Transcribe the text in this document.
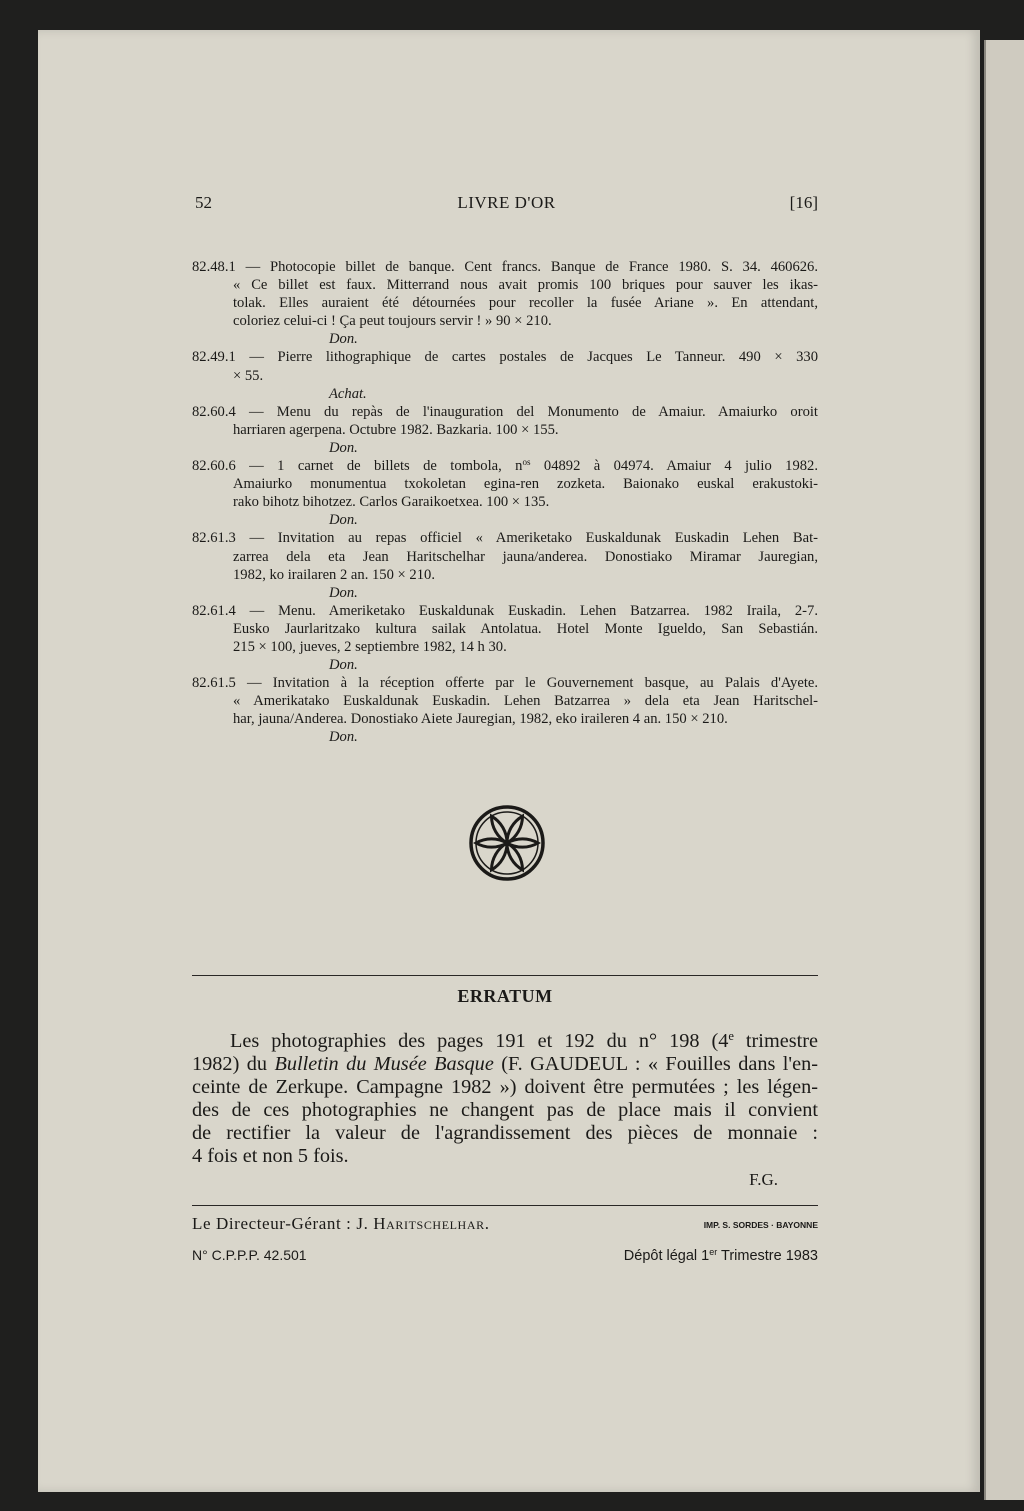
52	LIVRE D'OR	[16]
82.48.1 — Photocopie billet de banque. Cent francs. Banque de France 1980. S. 34. 460626.
« Ce billet est faux. Mitterrand nous avait promis 100 briques pour sauver les ikas-
tolak. Elles auraient été détournées pour recoller la fusée Ariane ». En attendant,
coloriez celui-ci ! Ça peut toujours servir ! » 90 × 210.
Don.
82.49.1 — Pierre lithographique de cartes postales de Jacques Le Tanneur. 490 × 330
× 55.
Achat.
82.60.4 — Menu du repàs de l'inauguration del Monumento de Amaiur. Amaiurko oroit
harriaren agerpena. Octubre 1982. Bazkaria. 100 × 155.
Don.
82.60.6 — 1 carnet de billets de tombola, $n^{os}$ 04892 à 04974. Amaiur 4 julio 1982.
Amaiurko monumentua txokoletan egina-ren zozketa. Baionako euskal erakustoki-
rako bihotz bihotzez. Carlos Garaikoetxea. 100 × 135.
Don.
82.61.3 — Invitation au repas officiel « Ameriketako Euskaldunak Euskadin Lehen Bat-
zarrea dela eta Jean Haritschelhar jauna/anderea. Donostiako Miramar Jauregian,
1982, ko irailaren 2 an. 150 × 210.
Don.
82.61.4 — Menu. Ameriketako Euskaldunak Euskadin. Lehen Batzarrea. 1982 Iraila, 2-7.
Eusko Jaurlaritzako kultura sailak Antolatua. Hotel Monte Igueldo, San Sebastián.
215 × 100, jueves, 2 septiembre 1982, 14 h 30.
Don.
82.61.5 — Invitation à la réception offerte par le Gouvernement basque, au Palais d'Ayete.
« Amerikatako Euskaldunak Euskadin. Lehen Batzarrea » dela eta Jean Haritschel-
har, jauna/Anderea. Donostiako Aiete Jauregian, 1982, eko iraileren 4 an. 150 × 210.
Don.
ERRATUM
Les photographies des pages 191 et 192 du n° 198 (4e trimestre
1982) du Bulletin du Musée Basque (F. GAUDEUL : « Fouilles dans l'en-
ceinte de Zerkupe. Campagne 1982 ») doivent être permutées ; les légen-
des de ces photographies ne changent pas de place mais il convient
de rectifier la valeur de l'agrandissement des pièces de monnaie :
4 fois et non 5 fois.
F.G.
Le Directeur-Gérant : J. Haritschelhar.	IMP. S. SORDES · BAYONNE
N° C.P.P.P. 42.501	Dépôt légal 1er Trimestre 1983
